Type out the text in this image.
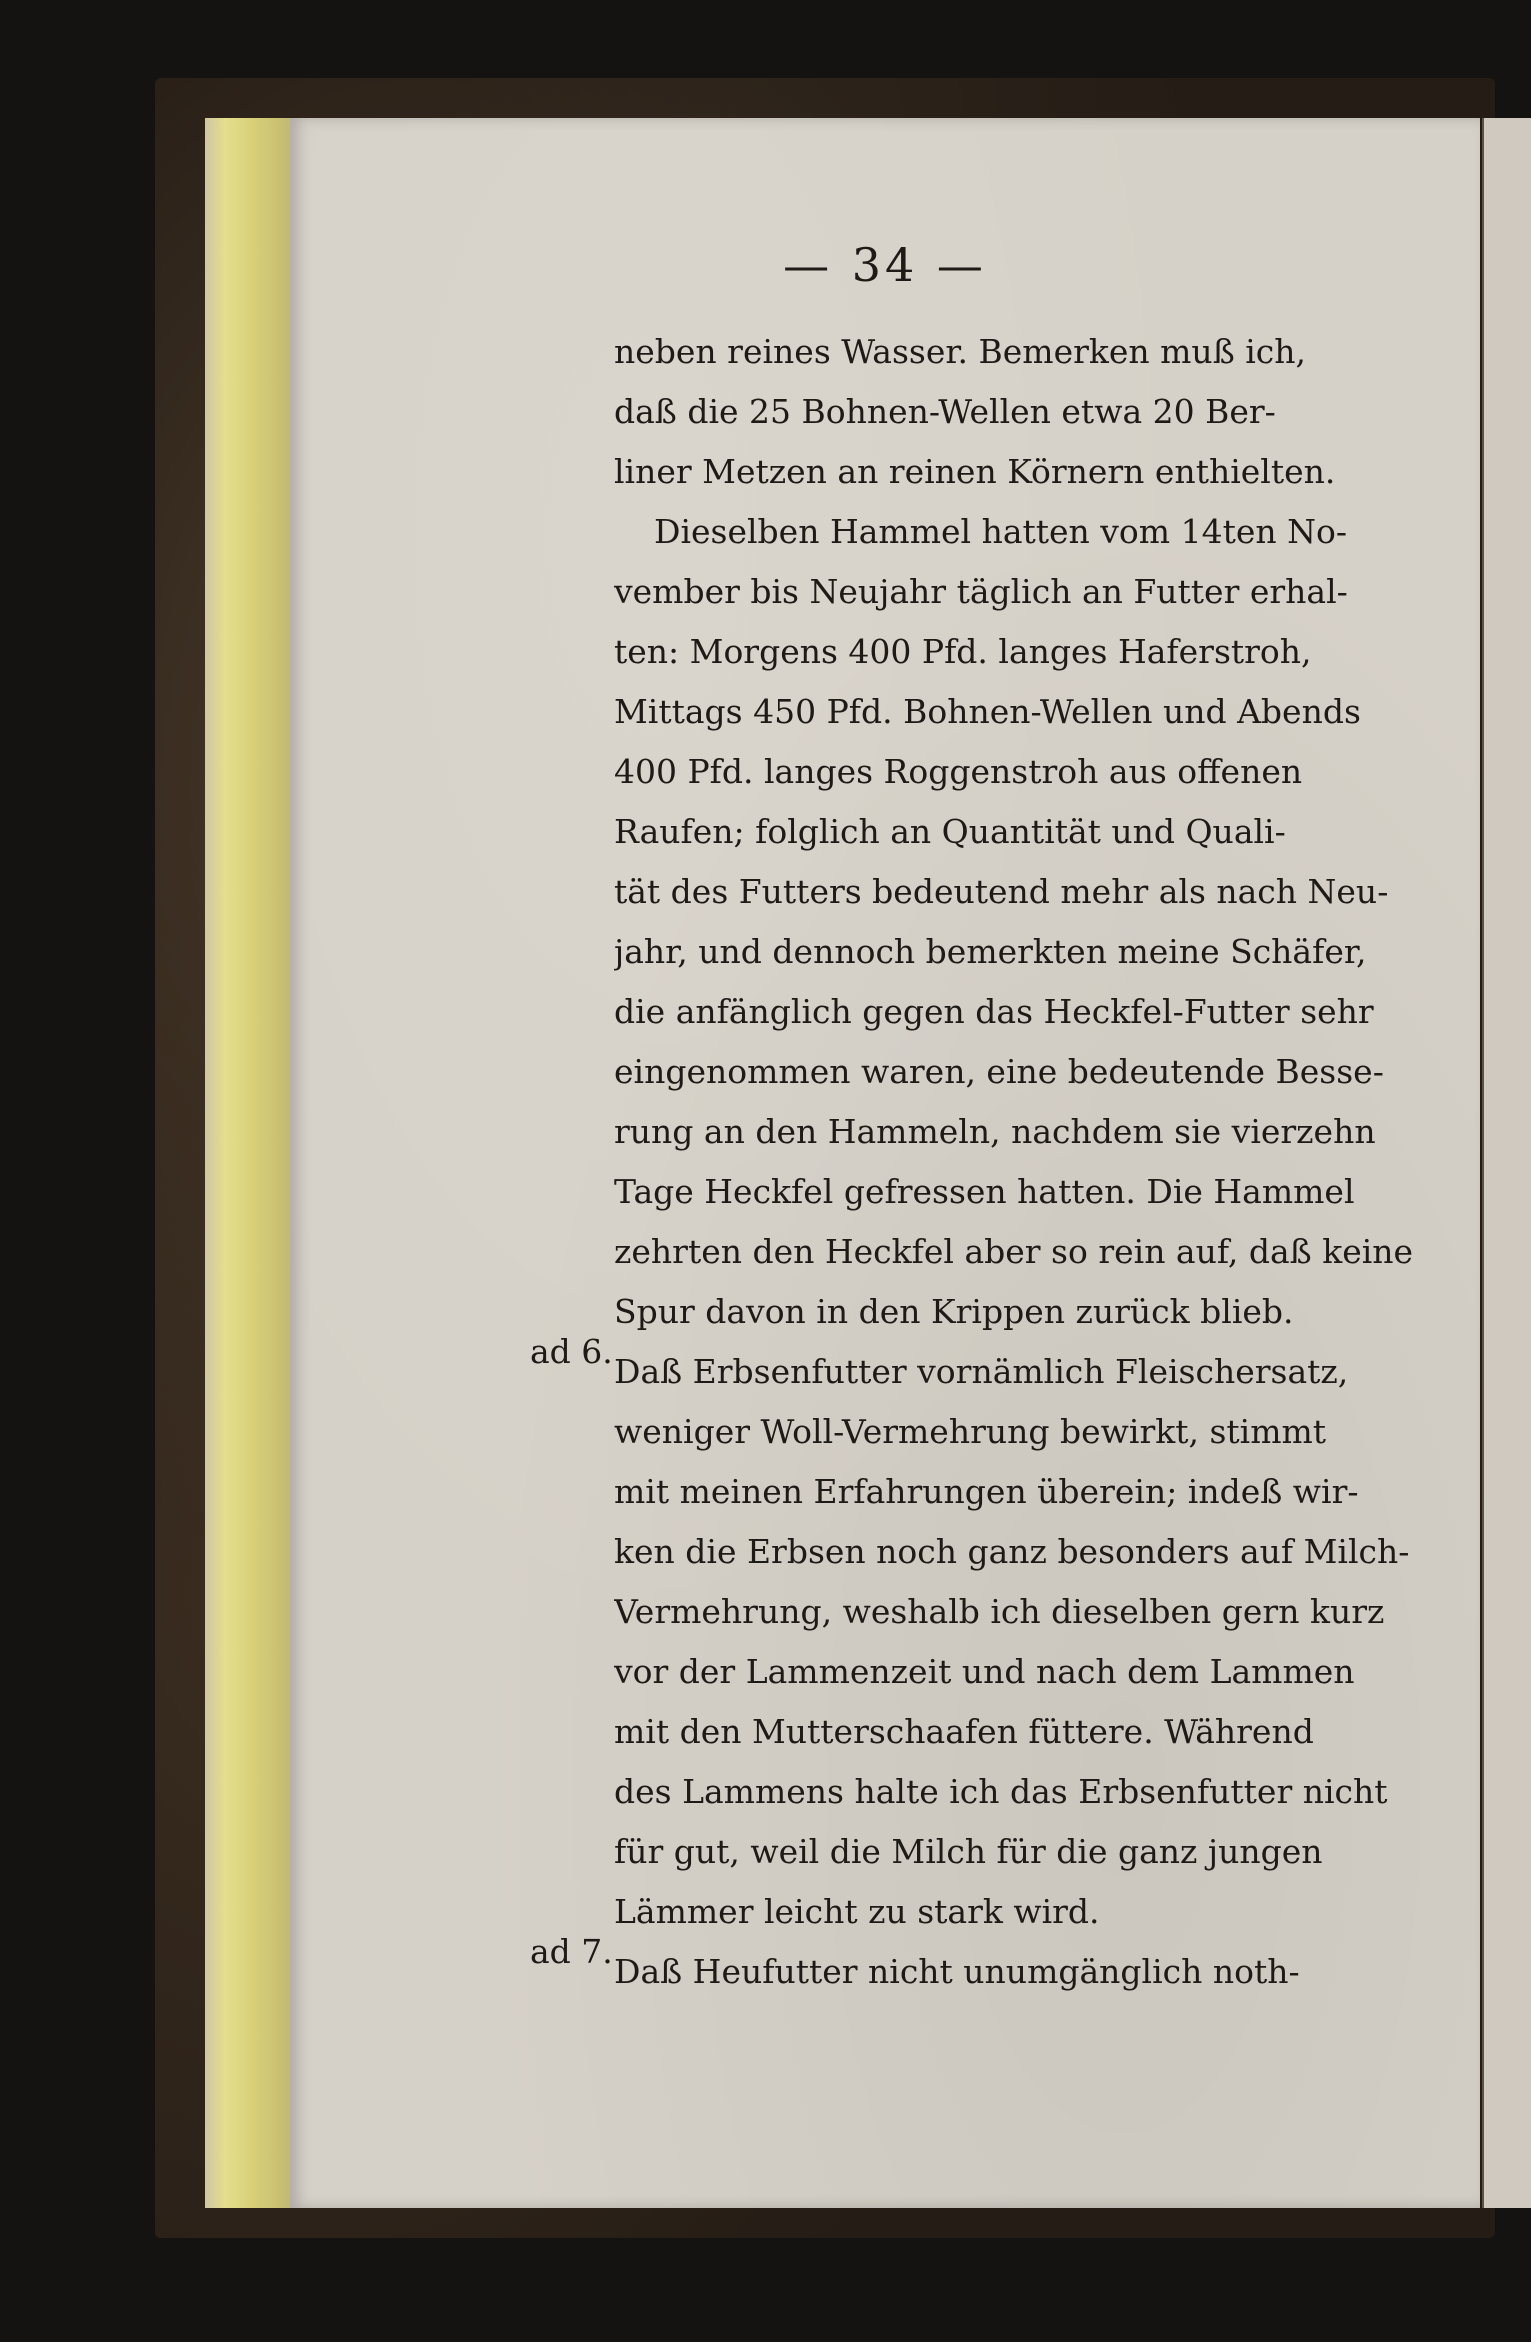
— 34 —
ad 6.
ad 7.
neben reines Wasser. Bemerken muß ich,
daß die 25 Bohnen-Wellen etwa 20 Ber-
liner Metzen an reinen Körnern enthielten.
Dieselben Hammel hatten vom 14ten No-
vember bis Neujahr täglich an Futter erhal-
ten: Morgens 400 Pfd. langes Haferstroh,
Mittags 450 Pfd. Bohnen-Wellen und Abends
400 Pfd. langes Roggenstroh aus offenen
Raufen; folglich an Quantität und Quali-
tät des Futters bedeutend mehr als nach Neu-
jahr, und dennoch bemerkten meine Schäfer,
die anfänglich gegen das Heckfel-Futter sehr
eingenommen waren, eine bedeutende Besse-
rung an den Hammeln, nachdem sie vierzehn
Tage Heckfel gefressen hatten. Die Hammel
zehrten den Heckfel aber so rein auf, daß keine
Spur davon in den Krippen zurück blieb.
Daß Erbsenfutter vornämlich Fleischersatz,
weniger Woll-Vermehrung bewirkt, stimmt
mit meinen Erfahrungen überein; indeß wir-
ken die Erbsen noch ganz besonders auf Milch-
Vermehrung, weshalb ich dieselben gern kurz
vor der Lammenzeit und nach dem Lammen
mit den Mutterschaafen füttere. Während
des Lammens halte ich das Erbsenfutter nicht
für gut, weil die Milch für die ganz jungen
Lämmer leicht zu stark wird.
Daß Heufutter nicht unumgänglich noth-
